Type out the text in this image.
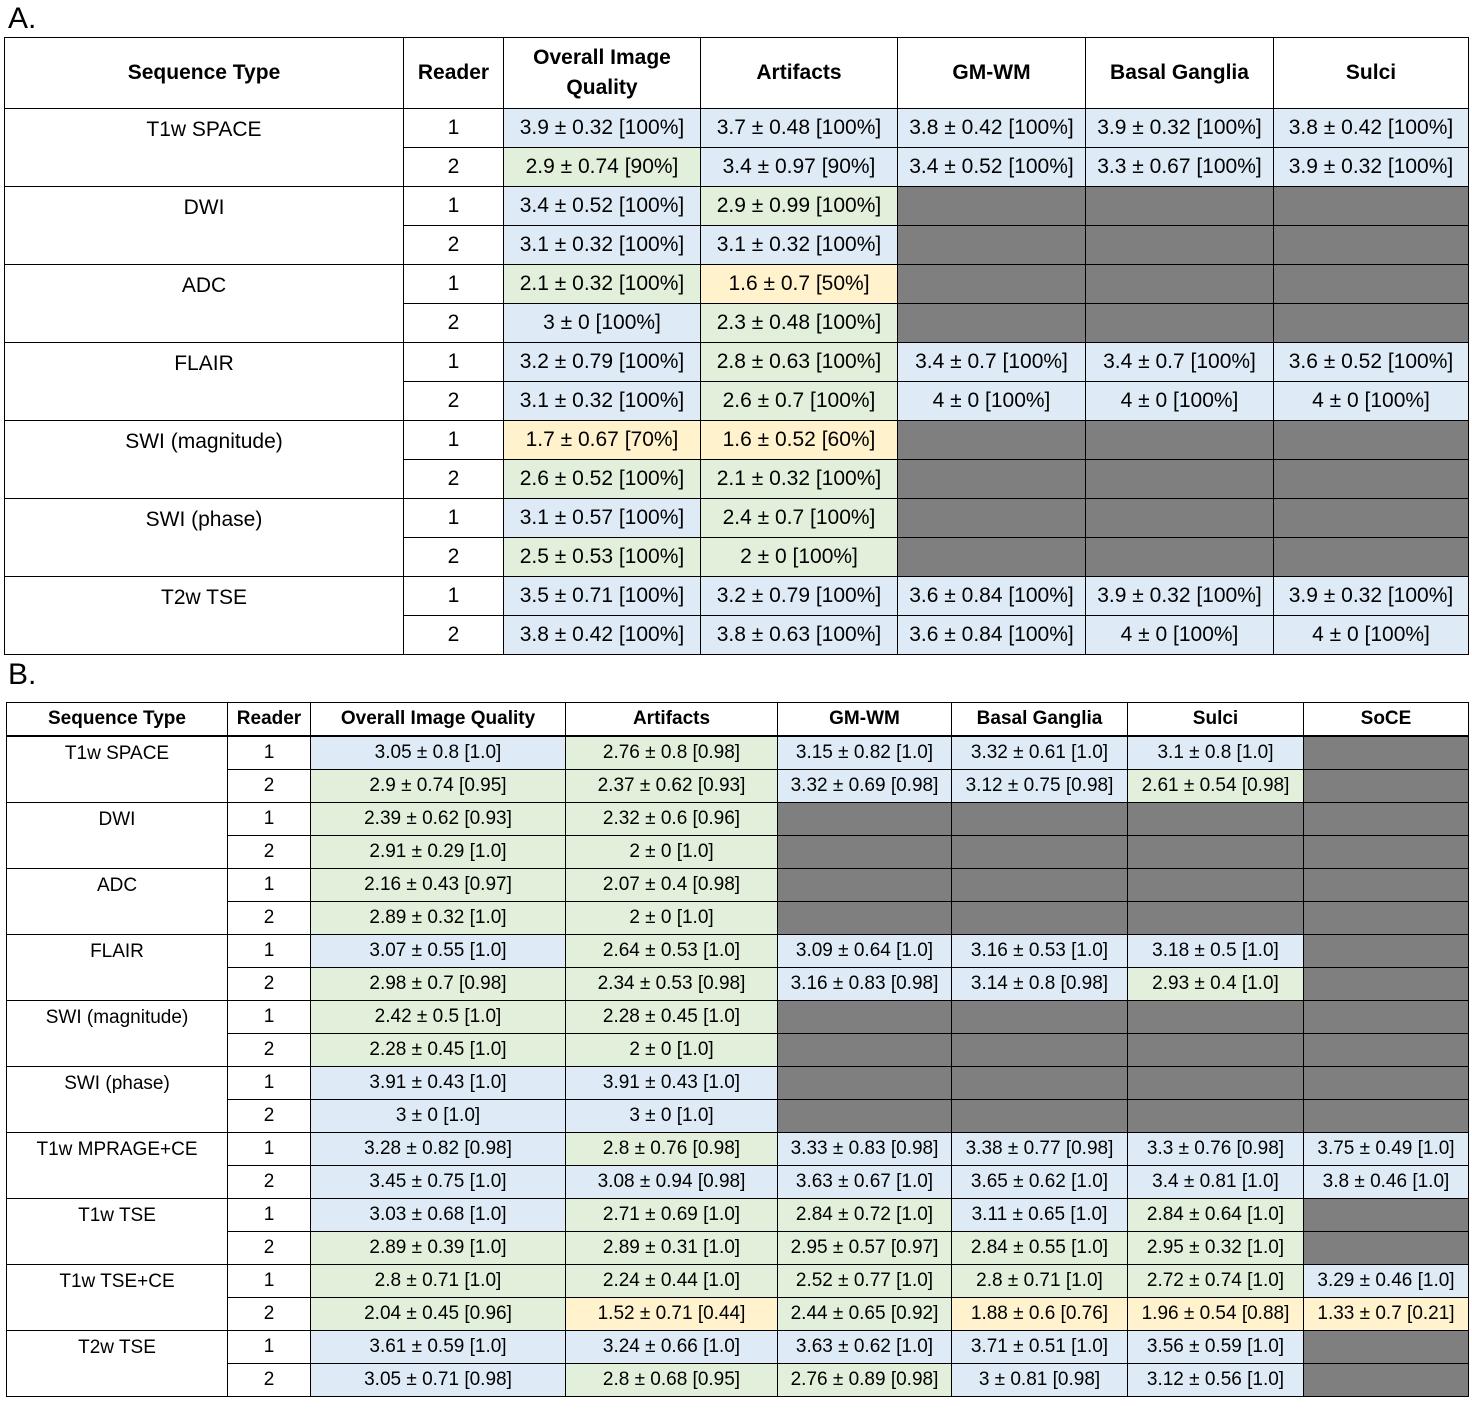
A.
Sequence Type	Reader	Overall Image Quality	Artifacts	GM-WM	Basal Ganglia	Sulci
T1w SPACE	1	3.9 ± 0.32 [100%]	3.7 ± 0.48 [100%]	3.8 ± 0.42 [100%]	3.9 ± 0.32 [100%]	3.8 ± 0.42 [100%]
	2	2.9 ± 0.74 [90%]	3.4 ± 0.97 [90%]	3.4 ± 0.52 [100%]	3.3 ± 0.67 [100%]	3.9 ± 0.32 [100%]
DWI	1	3.4 ± 0.52 [100%]	2.9 ± 0.99 [100%]			
	2	3.1 ± 0.32 [100%]	3.1 ± 0.32 [100%]			
ADC	1	2.1 ± 0.32 [100%]	1.6 ± 0.7 [50%]			
	2	3 ± 0 [100%]	2.3 ± 0.48 [100%]			
FLAIR	1	3.2 ± 0.79 [100%]	2.8 ± 0.63 [100%]	3.4 ± 0.7 [100%]	3.4 ± 0.7 [100%]	3.6 ± 0.52 [100%]
	2	3.1 ± 0.32 [100%]	2.6 ± 0.7 [100%]	4 ± 0 [100%]	4 ± 0 [100%]	4 ± 0 [100%]
SWI (magnitude)	1	1.7 ± 0.67 [70%]	1.6 ± 0.52 [60%]			
	2	2.6 ± 0.52 [100%]	2.1 ± 0.32 [100%]			
SWI (phase)	1	3.1 ± 0.57 [100%]	2.4 ± 0.7 [100%]			
	2	2.5 ± 0.53 [100%]	2 ± 0 [100%]			
T2w TSE	1	3.5 ± 0.71 [100%]	3.2 ± 0.79 [100%]	3.6 ± 0.84 [100%]	3.9 ± 0.32 [100%]	3.9 ± 0.32 [100%]
	2	3.8 ± 0.42 [100%]	3.8 ± 0.63 [100%]	3.6 ± 0.84 [100%]	4 ± 0 [100%]	4 ± 0 [100%]
B.
Sequence Type	Reader	Overall Image Quality	Artifacts	GM-WM	Basal Ganglia	Sulci	SoCE
T1w SPACE	1	3.05 ± 0.8 [1.0]	2.76 ± 0.8 [0.98]	3.15 ± 0.82 [1.0]	3.32 ± 0.61 [1.0]	3.1 ± 0.8 [1.0]	
	2	2.9 ± 0.74 [0.95]	2.37 ± 0.62 [0.93]	3.32 ± 0.69 [0.98]	3.12 ± 0.75 [0.98]	2.61 ± 0.54 [0.98]	
DWI	1	2.39 ± 0.62 [0.93]	2.32 ± 0.6 [0.96]				
	2	2.91 ± 0.29 [1.0]	2 ± 0 [1.0]				
ADC	1	2.16 ± 0.43 [0.97]	2.07 ± 0.4 [0.98]				
	2	2.89 ± 0.32 [1.0]	2 ± 0 [1.0]				
FLAIR	1	3.07 ± 0.55 [1.0]	2.64 ± 0.53 [1.0]	3.09 ± 0.64 [1.0]	3.16 ± 0.53 [1.0]	3.18 ± 0.5 [1.0]	
	2	2.98 ± 0.7 [0.98]	2.34 ± 0.53 [0.98]	3.16 ± 0.83 [0.98]	3.14 ± 0.8 [0.98]	2.93 ± 0.4 [1.0]	
SWI (magnitude)	1	2.42 ± 0.5 [1.0]	2.28 ± 0.45 [1.0]				
	2	2.28 ± 0.45 [1.0]	2 ± 0 [1.0]				
SWI (phase)	1	3.91 ± 0.43 [1.0]	3.91 ± 0.43 [1.0]				
	2	3 ± 0 [1.0]	3 ± 0 [1.0]				
T1w MPRAGE+CE	1	3.28 ± 0.82 [0.98]	2.8 ± 0.76 [0.98]	3.33 ± 0.83 [0.98]	3.38 ± 0.77 [0.98]	3.3 ± 0.76 [0.98]	3.75 ± 0.49 [1.0]
	2	3.45 ± 0.75 [1.0]	3.08 ± 0.94 [0.98]	3.63 ± 0.67 [1.0]	3.65 ± 0.62 [1.0]	3.4 ± 0.81 [1.0]	3.8 ± 0.46 [1.0]
T1w TSE	1	3.03 ± 0.68 [1.0]	2.71 ± 0.69 [1.0]	2.84 ± 0.72 [1.0]	3.11 ± 0.65 [1.0]	2.84 ± 0.64 [1.0]	
	2	2.89 ± 0.39 [1.0]	2.89 ± 0.31 [1.0]	2.95 ± 0.57 [0.97]	2.84 ± 0.55 [1.0]	2.95 ± 0.32 [1.0]	
T1w TSE+CE	1	2.8 ± 0.71 [1.0]	2.24 ± 0.44 [1.0]	2.52 ± 0.77 [1.0]	2.8 ± 0.71 [1.0]	2.72 ± 0.74 [1.0]	3.29 ± 0.46 [1.0]
	2	2.04 ± 0.45 [0.96]	1.52 ± 0.71 [0.44]	2.44 ± 0.65 [0.92]	1.88 ± 0.6 [0.76]	1.96 ± 0.54 [0.88]	1.33 ± 0.7 [0.21]
T2w TSE	1	3.61 ± 0.59 [1.0]	3.24 ± 0.66 [1.0]	3.63 ± 0.62 [1.0]	3.71 ± 0.51 [1.0]	3.56 ± 0.59 [1.0]	
	2	3.05 ± 0.71 [0.98]	2.8 ± 0.68 [0.95]	2.76 ± 0.89 [0.98]	3 ± 0.81 [0.98]	3.12 ± 0.56 [1.0]	
